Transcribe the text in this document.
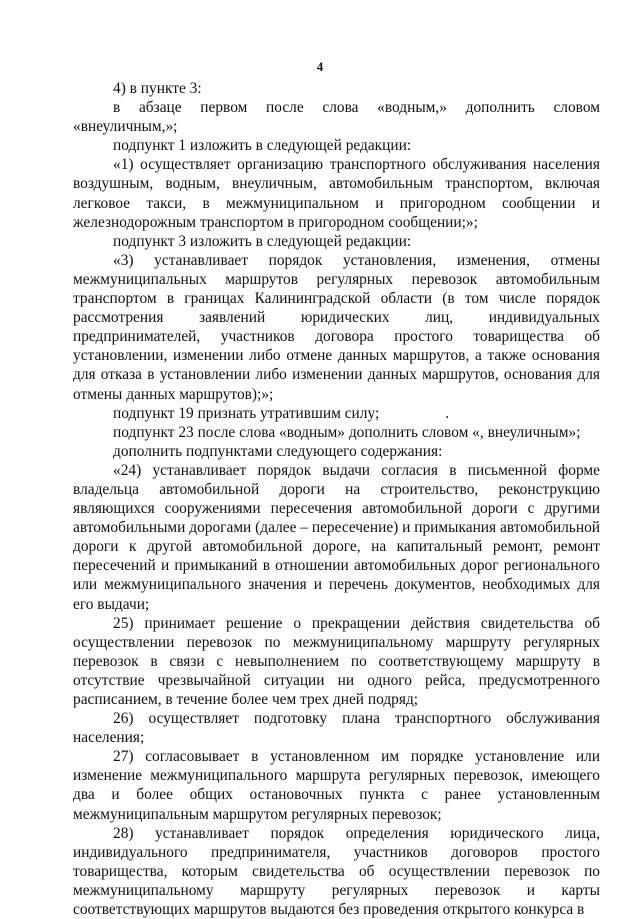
4

4) в пункте 3:

в абзаце первом после слова «водным,» дополнить словом «внеуличным,»;

подпункт 1 изложить в следующей редакции:

«1) осуществляет организацию транспортного обслуживания населения воздушным, водным, внеуличным, автомобильным транспортом, включая легковое такси, в межмуниципальном и пригородном сообщении и железнодорожным транспортом в пригородном сообщении;»;

подпункт 3 изложить в следующей редакции:

«3) устанавливает порядок установления, изменения, отмены межмуниципальных маршрутов регулярных перевозок автомобильным транспортом в границах Калининградской области (в том числе порядок рассмотрения заявлений юридических лиц, индивидуальных предпринимателей, участников договора простого товарищества об установлении, изменении либо отмене данных маршрутов, а также основания для отказа в установлении либо изменении данных маршрутов, основания для отмены данных маршрутов);»;

подпункт 19 признать утратившим силу;	.

подпункт 23 после слова «водным» дополнить словом «, внеуличным»;

дополнить подпунктами следующего содержания:

«24) устанавливает порядок выдачи согласия в письменной форме владельца автомобильной дороги на строительство, реконструкцию являющихся сооружениями пересечения автомобильной дороги с другими автомобильными дорогами (далее – пересечение) и примыкания автомобильной дороги к другой автомобильной дороге, на капитальный ремонт, ремонт пересечений и примыканий в отношении автомобильных дорог регионального или межмуниципального значения и перечень документов, необходимых для его выдачи;

25) принимает решение о прекращении действия свидетельства об осуществлении перевозок по межмуниципальному маршруту регулярных перевозок в связи с невыполнением по соответствующему маршруту в отсутствие чрезвычайной ситуации ни одного рейса, предусмотренного расписанием, в течение более чем трех дней подряд;

26) осуществляет подготовку плана транспортного обслуживания населения;

27) согласовывает в установленном им порядке установление или изменение межмуниципального маршрута регулярных перевозок, имеющего два и более общих остановочных пункта с ранее установленным межмуниципальным маршрутом регулярных перевозок;

28) устанавливает порядок определения юридического лица, индивидуального предпринимателя, участников договоров простого товарищества, которым свидетельства об осуществлении перевозок по межмуниципальному маршруту регулярных перевозок и карты соответствующих маршрутов выдаются без проведения открытого конкурса в
